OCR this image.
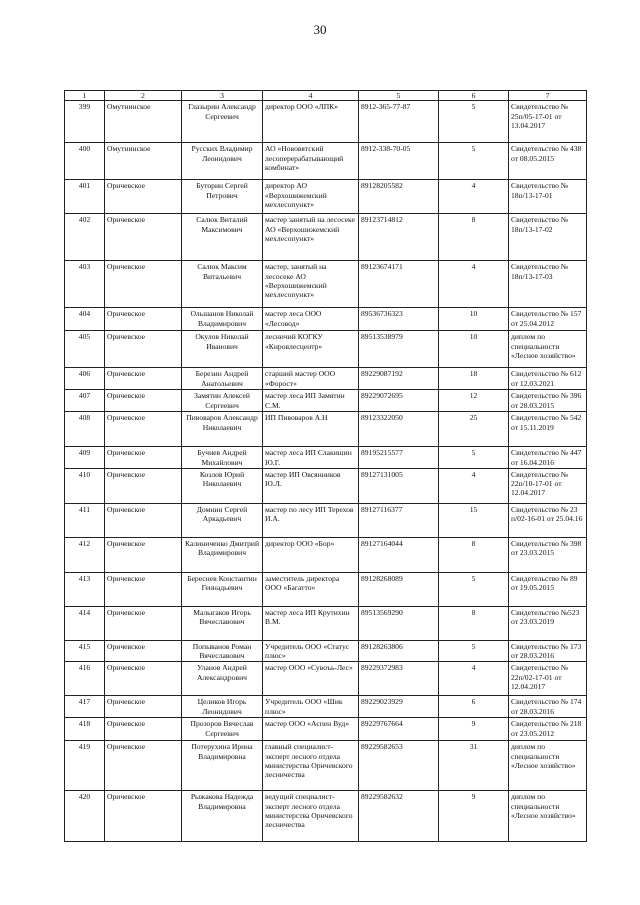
30
1	2	3	4	5	6	7
399	Омутнинское	Глазырин Александр Сергеевич	директор ООО «ЛПК»	8912-365-77-87	5	Свидетельство № 25п/05-17-01 от 13.04.2017
400	Омутнинское	Русских Владимир Леонидович	АО «Нововятский лесоперерабатывающий комбинат»	8912-338-70-05	5	Свидетельство № 438 от 08.05.2015
401	Оричевское	Буторин Сергей Петрович	директор АО «Верхошижемский мехлесопункт»	89128205582	4	Свидетельство № 18п/13-17-01
402	Оричевское	Салюк Виталий Максимович	мастер занятый на лесосеке АО «Верхошижемский мехлесопункт»	89123714812	8	Свидетельство № 18п/13-17-02
403	Оричевское	Салюк Максим Витальевич	мастер, занятый на лесосеке АО «Верхошижемский мехлесопункт»	89123674171	4	Свидетельство № 18п/13-17-03
404	Оричевское	Ольшанов Николай Владимирович	мастер леса ООО «Лесовод»	89536736323	10	Свидетельство № 157 от 25.04.2012
405	Оричевское	Окулов Николай Иванович	лесничий КОГКУ «Кировлесцентр»	89513538979	10	диплом по специальности «Лесное хозяйство»
406	Оричевское	Березин Андрей Анатольевич	старший мастер ООО «Форост»	89229087192	18	Свидетельство № 612 от 12.03.2021
407	Оричевское	Замятин Алексей Сергеевич	мастер леса ИП Замятин С.М.	89229072695	12	Свидетельство № 396 от 28.03.2015
408	Оричевское	Пивоваров Александр Николаевич	ИП Пивоваров А.Н	89123322050	25	Свидетельство № 542 от 15.11.2019
409	Оричевское	Бучнев Андрей Михайлович	мастер леса ИП Слакишин Ю.Г.	89195215577	5	Свидетельство № 447 от 16.04.2016
410	Оричевское	Козлов Юрий Николаевич	мастер ИП Овсянников Ю.Л.	89127131005	4	Свидетельство № 22п/10-17-01 от 12.04.2017
411	Оричевское	Домнин Сергей Аркадьевич	мастер по лесу ИП Терехов И.А.	89127116377	15	Свидетельство № 23 п/02-16-01 от 25.04.16
412	Оричевское	Калиниченко Дмитрий Владимирович	директор ООО «Бор»	89127164044	8	Свидетельство № 398 от 23.03.2015
413	Оричевское	Береснев Константин Геннадьевич	заместитель директора ООО «Багатто»	89128268089	5	Свидетельство № 89 от 19.05.2015
414	Оричевское	Малыгаков Игорь Вячеславович	мастер леса ИП Крутихин В.М.	89513569290	8	Свидетельство №523 от 23.03.2019
415	Оричевское	Попыванов Роман Вячеславович	Учредитель ООО «Статус плюс»	89128263806	5	Свидетельство № 173 от 28.03.2016
416	Оричевское	Уланов Андрей Александрович	мастер ООО «Сувоъь-Лес»	89229372983	4	Свидетельство № 22п/02-17-01 от 12.04.2017
417	Оричевское	Целиков Игорь Леонидович	Учредитель ООО «Шик плюс»	89229023929	6	Свидетельство № 174 от 28.03.2016
418	Оричевское	Прозоров Вячеслав Сергеевич	мастер ООО «Аспен Вуд»	89229767664	9	Свидетельство № 218 от 23.05.2012
419	Оричевское	Потерухина Ирина Владимировна	главный специалист-эксперт лесного отдела министерства Оричевского лесничества	89229582653	31	диплом по специальности «Лесное хозяйство»
420	Оричевское	Рыжакова Надежда Владимировна	ведущий специалист-эксперт лесного отдела министерства Оричевского лесничества	89229582632	9	диплом по специальности «Лесное хозяйство»
